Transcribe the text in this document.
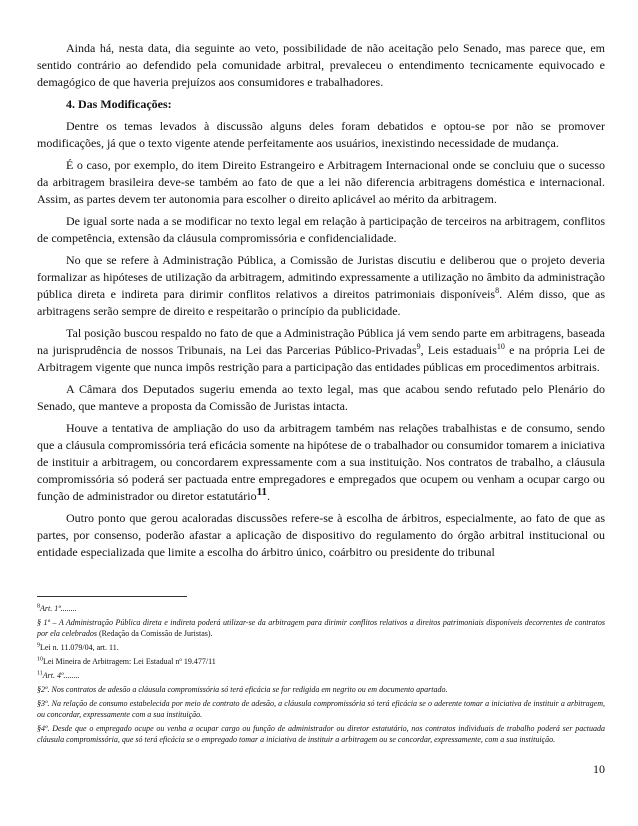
Ainda há, nesta data, dia seguinte ao veto, possibilidade de não aceitação pelo Senado, mas parece que, em sentido contrário ao defendido pela comunidade arbitral, prevaleceu o entendimento tecnicamente equivocado e demagógico de que haveria prejuízos aos consumidores e trabalhadores.

4. Das Modificações:

Dentre os temas levados à discussão alguns deles foram debatidos e optou-se por não se promover modificações, já que o texto vigente atende perfeitamente aos usuários, inexistindo necessidade de mudança.

É o caso, por exemplo, do item Direito Estrangeiro e Arbitragem Internacional onde se concluiu que o sucesso da arbitragem brasileira deve-se também ao fato de que a lei não diferencia arbitragens doméstica e internacional. Assim, as partes devem ter autonomia para escolher o direito aplicável ao mérito da arbitragem.

De igual sorte nada a se modificar no texto legal em relação à participação de terceiros na arbitragem, conflitos de competência, extensão da cláusula compromissória e confidencialidade.

No que se refere à Administração Pública, a Comissão de Juristas discutiu e deliberou que o projeto deveria formalizar as hipóteses de utilização da arbitragem, admitindo expressamente a utilização no âmbito da administração pública direta e indireta para dirimir conflitos relativos a direitos patrimoniais disponíveis$^8$. Além disso, que as arbitragens serão sempre de direito e respeitarão o princípio da publicidade.

Tal posição buscou respaldo no fato de que a Administração Pública já vem sendo parte em arbitragens, baseada na jurisprudência de nossos Tribunais, na Lei das Parcerias Público-Privadas$^9$, Leis estaduais$^{10}$ e na própria Lei de Arbitragem vigente que nunca impôs restrição para a participação das entidades públicas em procedimentos arbitrais.

A Câmara dos Deputados sugeriu emenda ao texto legal, mas que acabou sendo refutado pelo Plenário do Senado, que manteve a proposta da Comissão de Juristas intacta.

Houve a tentativa de ampliação do uso da arbitragem também nas relações trabalhistas e de consumo, sendo que a cláusula compromissória terá eficácia somente na hipótese de o trabalhador ou consumidor tomarem a iniciativa de instituir a arbitragem, ou concordarem expressamente com a sua instituição. Nos contratos de trabalho, a cláusula compromissória só poderá ser pactuada entre empregadores e empregados que ocupem ou venham a ocupar cargo ou função de administrador ou diretor estatutário$^{11}$.

Outro ponto que gerou acaloradas discussões refere-se à escolha de árbitros, especialmente, ao fato de que as partes, por consenso, poderão afastar a aplicação de dispositivo do regulamento do órgão arbitral institucional ou entidade especializada que limite a escolha do árbitro único, coárbitro ou presidente do tribunal

$^8$Art. 1º........

§ 1º – A Administração Pública direta e indireta poderá utilizar-se da arbitragem para dirimir conflitos relativos a direitos patrimoniais disponíveis decorrentes de contratos por ela celebrados (Redação da Comissão de Juristas).

$^9$Lei n. 11.079/04, art. 11.

$^{10}$Lei Mineira de Arbitragem: Lei Estadual nº 19.477/11

$^{11}$Art. 4º........

§2º. Nos contratos de adesão a cláusula compromissória só terá eficácia se for redigida em negrito ou em documento apartado.

§3º. Na relação de consumo estabelecida por meio de contrato de adesão, a cláusula compromissória só terá eficácia se o aderente tomar a iniciativa de instituir a arbitragem, ou concordar, expressamente com a sua instituição.

§4º. Desde que o empregado ocupe ou venha a ocupar cargo ou função de administrador ou diretor estatutário, nos contratos individuais de trabalho poderá ser pactuada cláusula compromissória, que só terá eficácia se o empregado tomar a iniciativa de instituir a arbitragem ou se concordar, expressamente, com a sua instituição.

10
